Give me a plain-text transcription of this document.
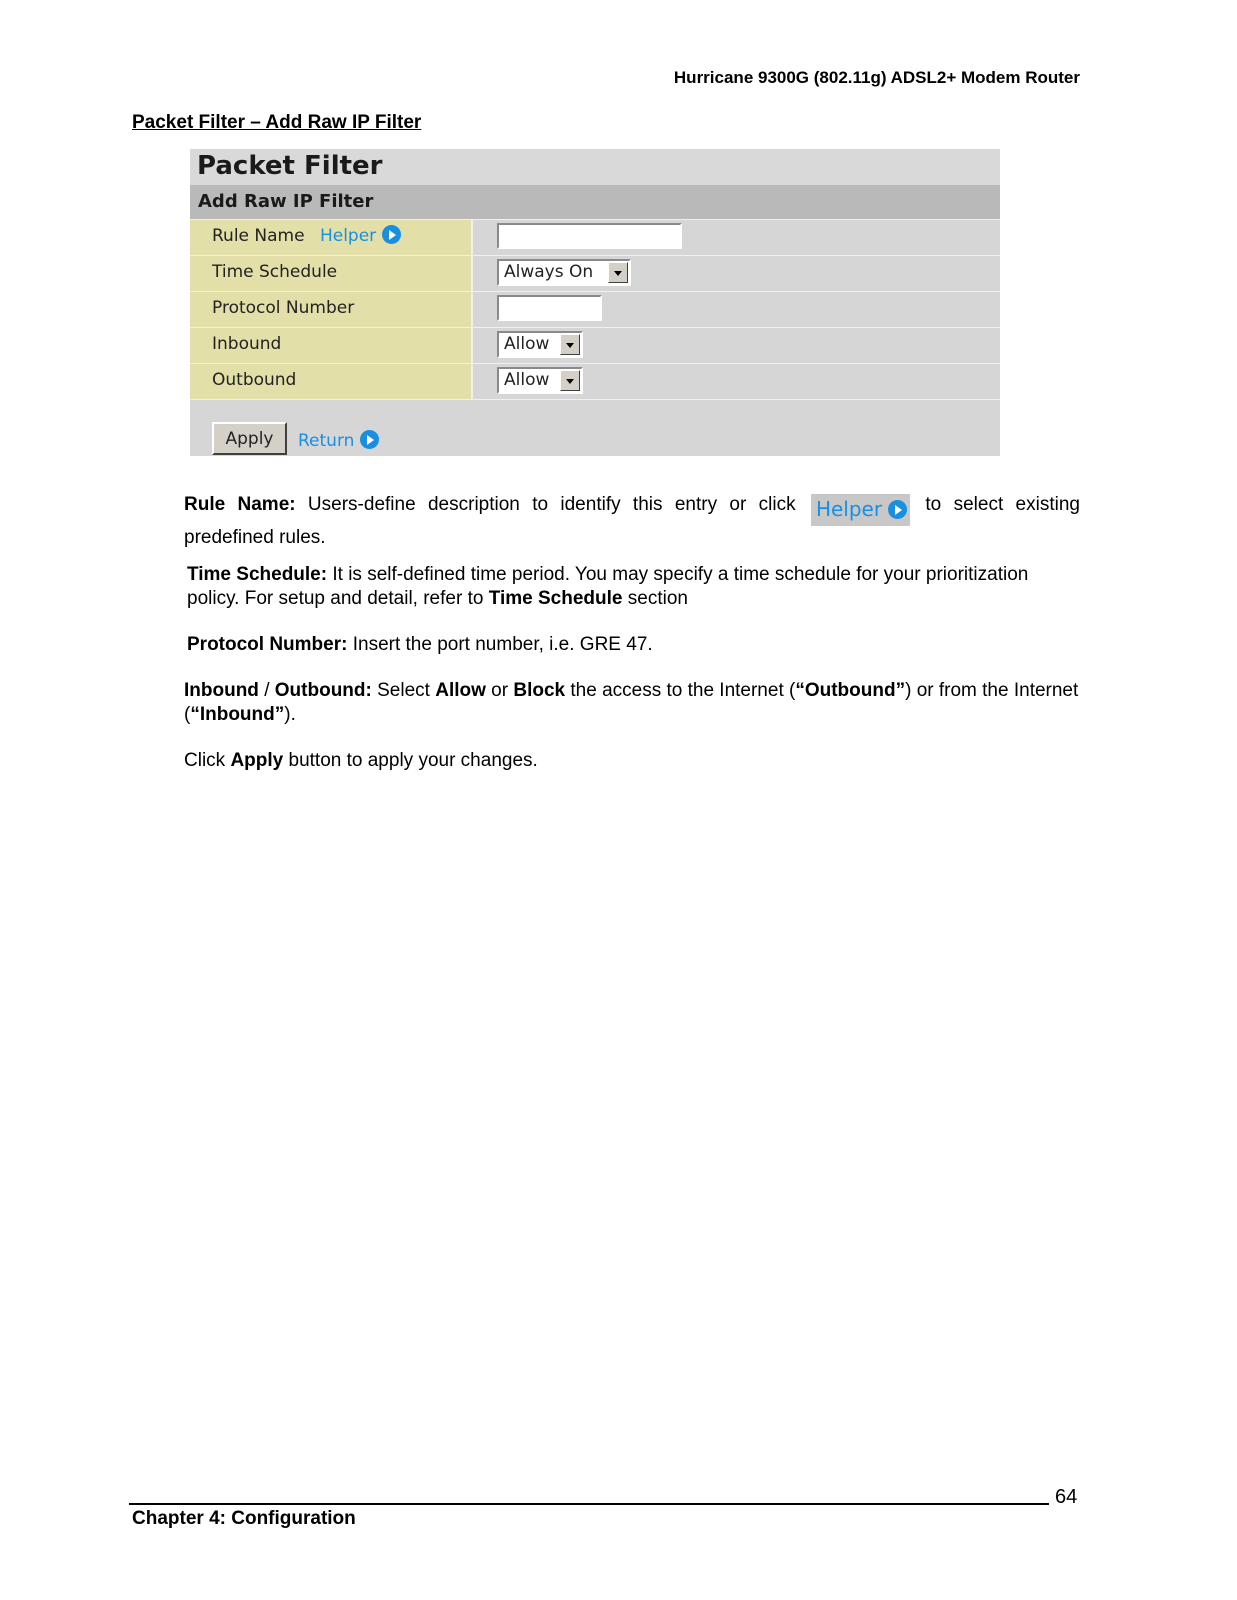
Hurricane 9300G (802.11g) ADSL2+ Modem Router
Packet Filter – Add Raw IP Filter
Packet Filter
Add Raw IP Filter
Rule Name Helper
Time Schedule	Always On
Protocol Number
Inbound	Allow
Outbound	Allow
Apply	Return
Rule Name: Users-define description to identify this entry or click Helper to select existing predefined rules.
Time Schedule: It is self-defined time period. You may specify a time schedule for your prioritization policy. For setup and detail, refer to Time Schedule section
Protocol Number: Insert the port number, i.e. GRE 47.
Inbound / Outbound: Select Allow or Block the access to the Internet (“Outbound”) or from the Internet (“Inbound”).
Click Apply button to apply your changes.
64
Chapter 4: Configuration
